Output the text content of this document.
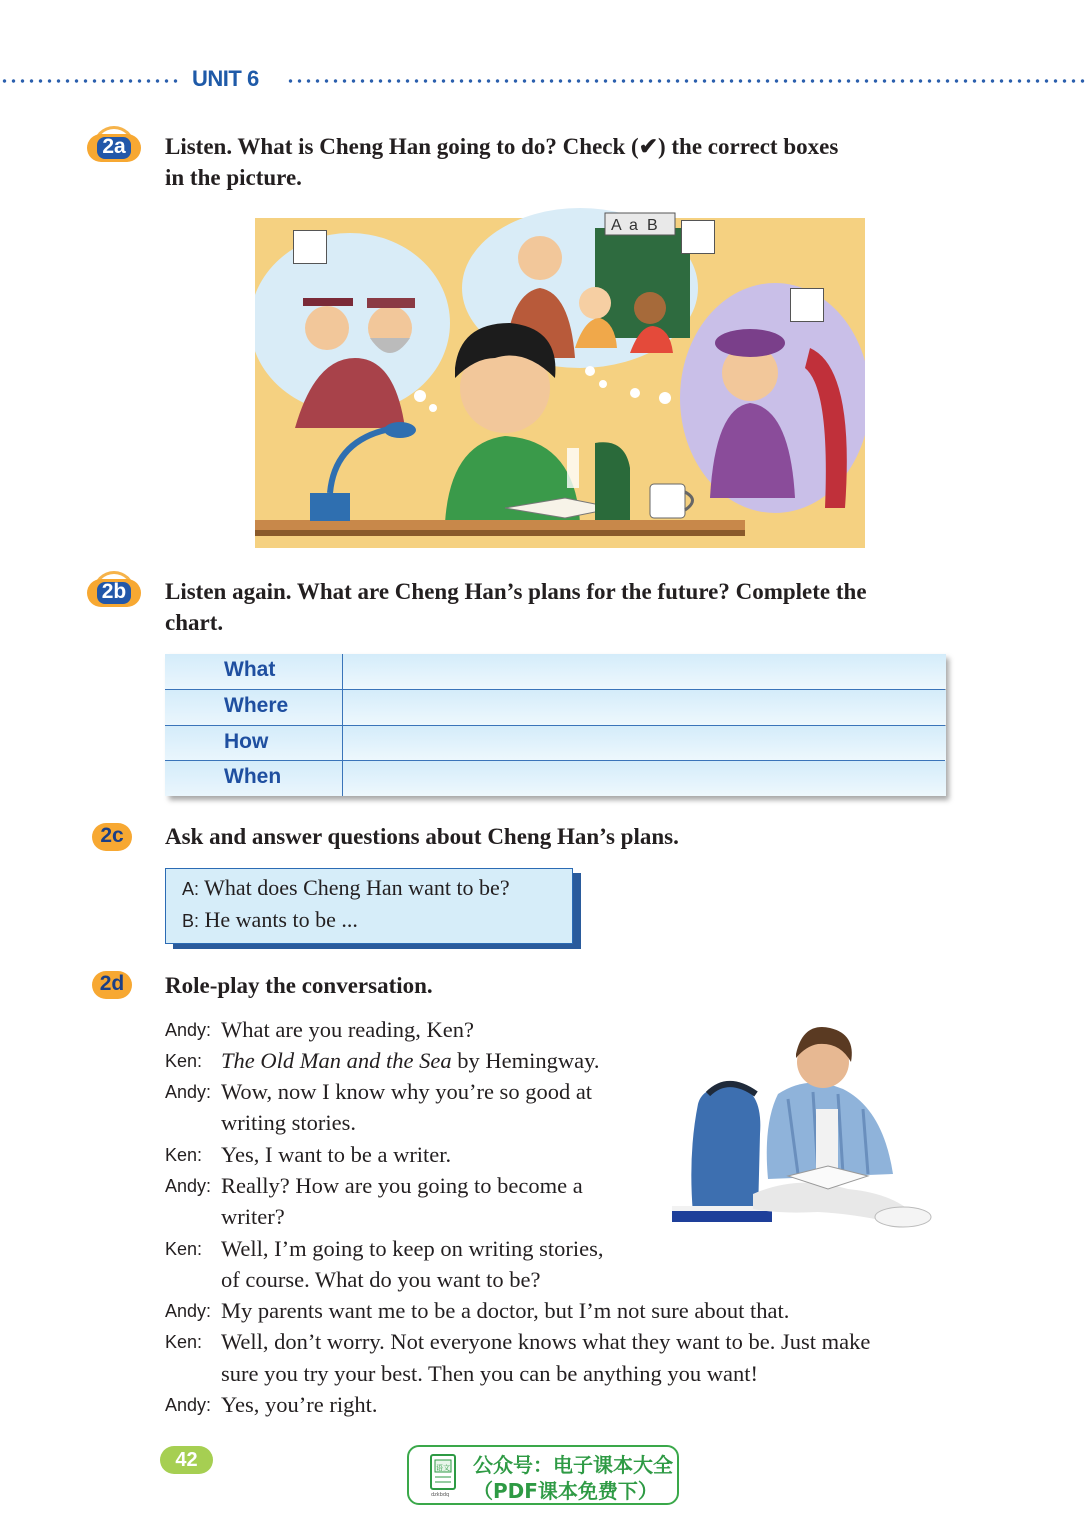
UNIT 6
2a	Listen. What is Cheng Han going to do? Check (✔) the correct boxes
in the picture.
A a B
2b	Listen again. What are Cheng Han’s plans for the future? Complete the
chart.
What
Where
How
When
2c	Ask and answer questions about Cheng Han’s plans.
A: What does Cheng Han want to be?
B: He wants to be ...
2d	Role-play the conversation.
Andy: What are you reading, Ken?
Ken: The Old Man and the Sea by Hemingway.
Andy: Wow, now I know why you’re so good at
writing stories.
Ken: Yes, I want to be a writer.
Andy: Really? How are you going to become a
writer?
Ken: Well, I’m going to keep on writing stories,
of course. What do you want to be?
Andy: My parents want me to be a doctor, but I’m not sure about that.
Ken: Well, don’t worry. Not everyone knows what they want to be. Just make
sure you try your best. Then you can be anything you want!
Andy: Yes, you’re right.
42	语文
dzkbdq
公众号：电子课本大全
（PDF课本免费下）
